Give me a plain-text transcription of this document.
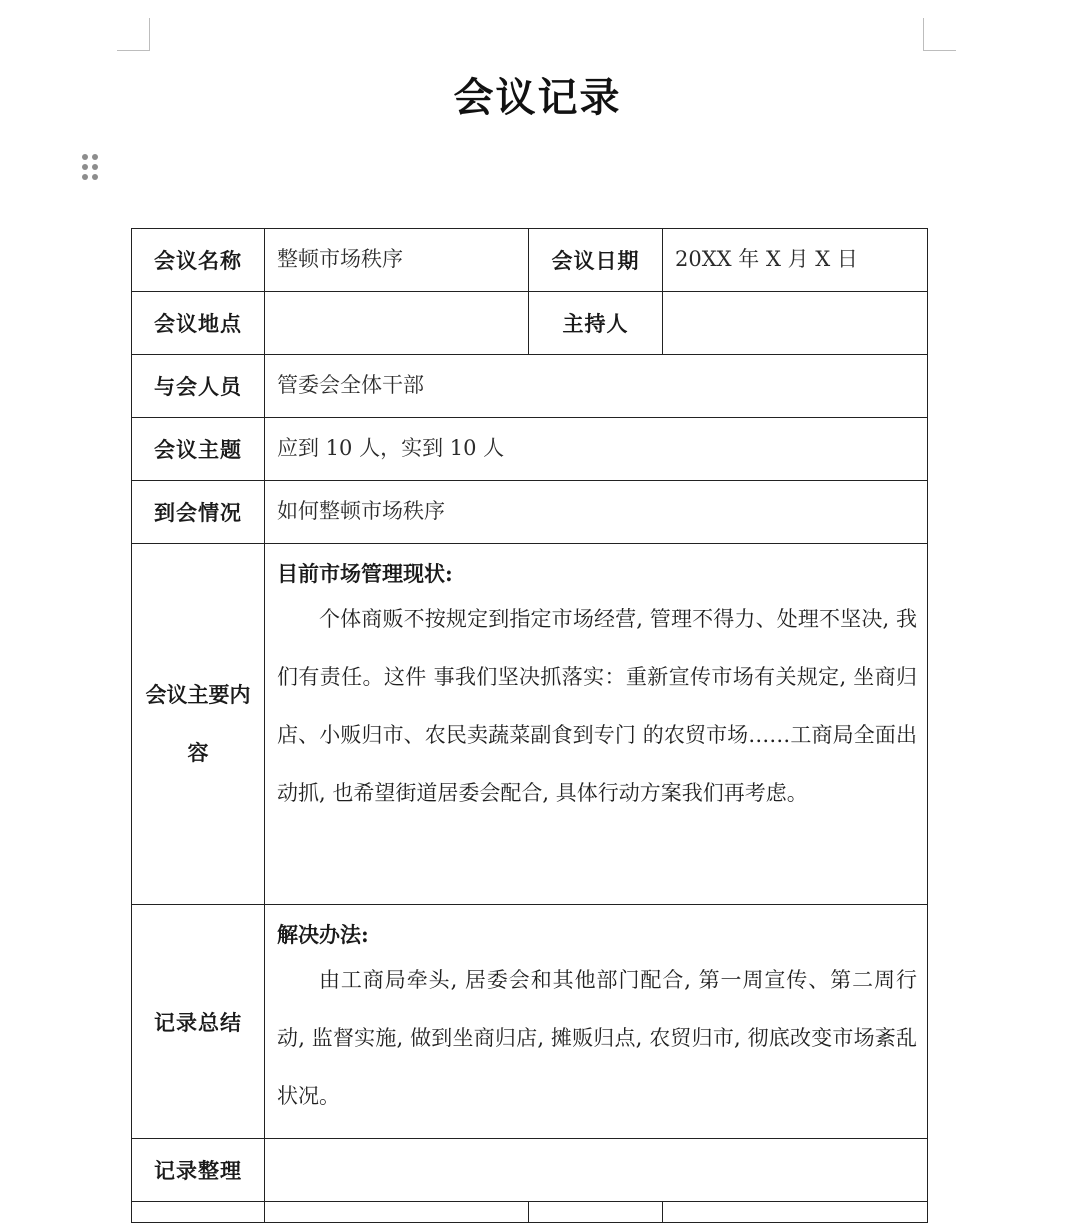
会议记录
会议名称	整顿市场秩序	会议日期	20XX 年 X 月 X 日
会议地点		主持人	
与会人员	管委会全体干部		
会议主题	应到 10 人，实到 10 人		
到会情况	如何整顿市场秩序		

会议主要内容	目前市场管理现状:

个体商贩不按规定到指定市场经营, 管理不得力、处理不坚决, 我们有责任。这件 事我们坚决抓落实：重新宣传市场有关规定, 坐商归店、小贩归市、农民卖蔬菜副食到专门 的农贸市场……工商局全面出动抓, 也希望街道居委会配合, 具体行动方案我们再考虑。		

记录总结	解决办法:

由工商局牵头, 居委会和其他部门配合, 第一周宣传、第二周行动, 监督实施, 做到坐商归店, 摊贩归点, 农贸归市, 彻底改变市场紊乱状况。		

记录整理			
